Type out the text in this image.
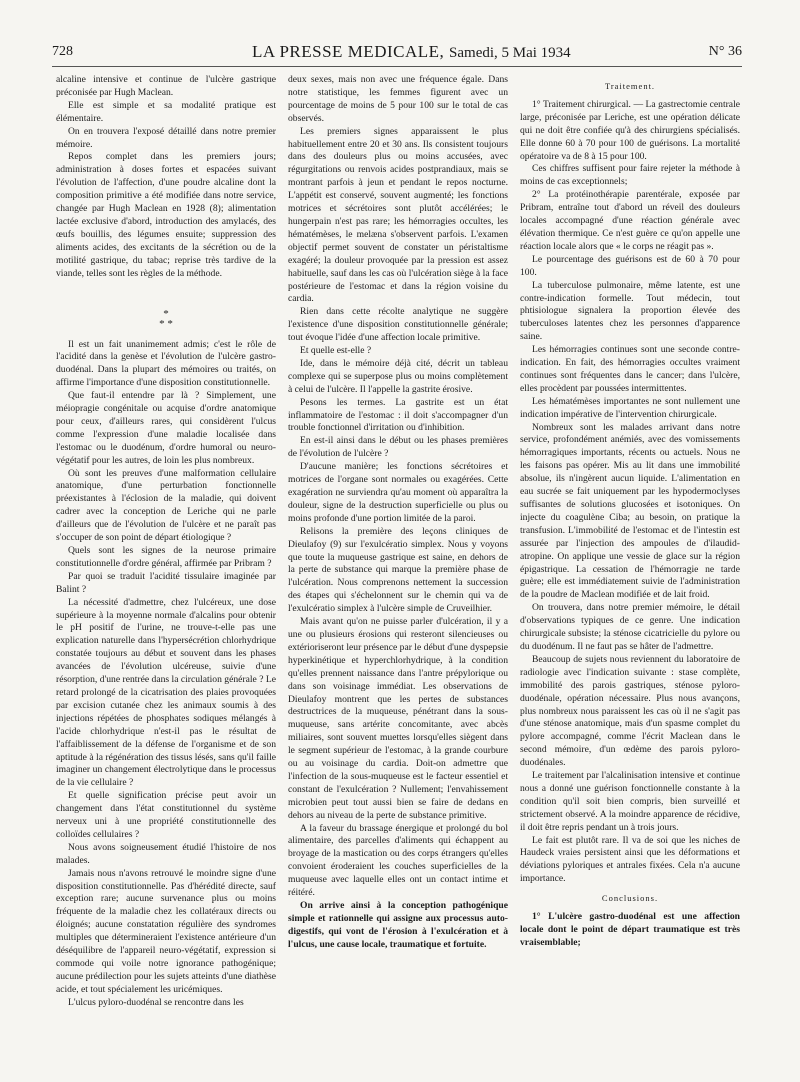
728	LA PRESSE MEDICALE, Samedi, 5 Mai 1934	N° 36

alcaline intensive et continue de l'ulcère gastrique préconisée par Hugh Maclean.

Elle est simple et sa modalité pratique est élémentaire.

On en trouvera l'exposé détaillé dans notre premier mémoire.

Repos complet dans les premiers jours; administration à doses fortes et espacées suivant l'évolution de l'affection, d'une poudre alcaline dont la composition primitive a été modifiée dans notre service, changée par Hugh Maclean en 1928 (8); alimentation lactée exclusive d'abord, introduction des amylacés, des œufs bouillis, des légumes ensuite; suppression des aliments acides, des excitants de la sécrétion ou de la motilité gastrique, du tabac; reprise très tardive de la viande, telles sont les règles de la méthode.

*
* *

Il est un fait unanimement admis; c'est le rôle de l'acidité dans la genèse et l'évolution de l'ulcère gastro-duodénal. Dans la plupart des mémoires ou traités, on affirme l'importance d'une disposition constitutionnelle.

Que faut-il entendre par là ? Simplement, une méiopragie congénitale ou acquise d'ordre anatomique pour ceux, d'ailleurs rares, qui considèrent l'ulcus comme l'expression d'une maladie localisée dans l'estomac ou le duodénum, d'ordre humoral ou neuro-végétatif pour les autres, de loin les plus nombreux.

Où sont les preuves d'une malformation cellulaire anatomique, d'une perturbation fonctionnelle préexistantes à l'éclosion de la maladie, qui doivent cadrer avec la conception de Leriche qui ne parle d'ailleurs que de l'évolution de l'ulcère et ne paraît pas s'occuper de son point de départ étiologique ?

Quels sont les signes de la neurose primaire constitutionnelle d'ordre général, affirmée par Pribram ?

Par quoi se traduit l'acidité tissulaire imaginée par Balint ?

La nécessité d'admettre, chez l'ulcéreux, une dose supérieure à la moyenne normale d'alcalins pour obtenir le pH positif de l'urine, ne trouve-t-elle pas une explication naturelle dans l'hypersécrétion chlorhydrique constatée toujours au début et souvent dans les phases avancées de l'évolution ulcéreuse, suivie d'une résorption, d'une rentrée dans la circulation générale ? Le retard prolongé de la cicatrisation des plaies provoquées par excision cutanée chez les animaux soumis à des injections répétées de phosphates sodiques mélangés à l'acide chlorhydrique n'est-il pas le résultat de l'affaiblissement de la défense de l'organisme et de son aptitude à la régénération des tissus lésés, sans qu'il faille imaginer un changement électrolytique dans le processus de la vie cellulaire ?

Et quelle signification précise peut avoir un changement dans l'état constitutionnel du système nerveux uni à une propriété constitutionnelle des colloïdes cellulaires ?

Nous avons soigneusement étudié l'histoire de nos malades.

Jamais nous n'avons retrouvé le moindre signe d'une disposition constitutionnelle. Pas d'hérédité directe, sauf exception rare; aucune survenance plus ou moins fréquente de la maladie chez les collatéraux directs ou éloignés; aucune constatation régulière des syndromes multiples que détermineraient l'existence antérieure d'un déséquilibre de l'appareil neuro-végétatif, expression si commode qui voile notre ignorance pathogénique; aucune prédilection pour les sujets atteints d'une diathèse acide, et tout spécialement les uricémiques.

L'ulcus pyloro-duodénal se rencontre dans les

deux sexes, mais non avec une fréquence égale. Dans notre statistique, les femmes figurent avec un pourcentage de moins de 5 pour 100 sur le total de cas observés.

Les premiers signes apparaissent le plus habituellement entre 20 et 30 ans. Ils consistent toujours dans des douleurs plus ou moins accusées, avec régurgitations ou renvois acides postprandiaux, mais se montrant parfois à jeun et pendant le repos nocturne. L'appétit est conservé, souvent augmenté; les fonctions motrices et sécrétoires sont plutôt accélérées; le hungerpain n'est pas rare; les hémorragies occultes, les hématémèses, le melæna s'observent parfois. L'examen objectif permet souvent de constater un péristaltisme exagéré; la douleur provoquée par la pression est assez habituelle, sauf dans les cas où l'ulcération siège à la face postérieure de l'estomac et dans la région voisine du cardia.

Rien dans cette récolte analytique ne suggère l'existence d'une disposition constitutionnelle générale; tout évoque l'idée d'une affection locale primitive.

Et quelle est-elle ?

Ide, dans le mémoire déjà cité, décrit un tableau complexe qui se superpose plus ou moins complètement à celui de l'ulcère. Il l'appelle la gastrite érosive.

Pesons les termes. La gastrite est un état inflammatoire de l'estomac : il doit s'accompagner d'un trouble fonctionnel d'irritation ou d'inhibition.

En est-il ainsi dans le début ou les phases premières de l'évolution de l'ulcère ?

D'aucune manière; les fonctions sécrétoires et motrices de l'organe sont normales ou exagérées. Cette exagération ne surviendra qu'au moment où apparaîtra la douleur, signe de la destruction superficielle ou plus ou moins profonde d'une portion limitée de la paroi.

Relisons la première des leçons cliniques de Dieulafoy (9) sur l'exulcératio simplex. Nous y voyons que toute la muqueuse gastrique est saine, en dehors de la perte de substance qui marque la première phase de l'ulcération. Nous comprenons nettement la succession des étapes qui s'échelonnent sur le chemin qui va de l'exulcératio simplex à l'ulcère simple de Cruveilhier.

Mais avant qu'on ne puisse parler d'ulcération, il y a une ou plusieurs érosions qui resteront silencieuses ou extérioriseront leur présence par le début d'une dyspepsie hyperkinétique et hyperchlorhydrique, à la condition qu'elles prennent naissance dans l'antre prépylorique ou dans son voisinage immédiat. Les observations de Dieulafoy montrent que les pertes de substances destructrices de la muqueuse, pénétrant dans la sous-muqueuse, sans artérite concomitante, avec abcès miliaires, sont souvent muettes lorsqu'elles siègent dans le segment supérieur de l'estomac, à la grande courbure ou au voisinage du cardia. Doit-on admettre que l'infection de la sous-muqueuse est le facteur essentiel et constant de l'exulcération ? Nullement; l'envahissement microbien peut tout aussi bien se faire de dedans en dehors au niveau de la perte de substance primitive.

A la faveur du brassage énergique et prolongé du bol alimentaire, des parcelles d'aliments qui échappent au broyage de la mastication ou des corps étrangers qu'elles convoient éroderaient les couches superficielles de la muqueuse avec laquelle elles ont un contact intime et réitéré.

On arrive ainsi à la conception pathogénique simple et rationnelle qui assigne aux processus auto-digestifs, qui vont de l'érosion à l'exulcération et à l'ulcus, une cause locale, traumatique et fortuite.

Traitement.

1° Traitement chirurgical. — La gastrectomie centrale large, préconisée par Leriche, est une opération délicate qui ne doit être confiée qu'à des chirurgiens spécialisés. Elle donne 60 à 70 pour 100 de guérisons. La mortalité opératoire va de 8 à 15 pour 100.

Ces chiffres suffisent pour faire rejeter la méthode à moins de cas exceptionnels;

2° La protéinothérapie parentérale, exposée par Pribram, entraîne tout d'abord un réveil des douleurs locales accompagné d'une réaction générale avec élévation thermique. Ce n'est guère ce qu'on appelle une réaction locale alors que « le corps ne réagit pas ».

Le pourcentage des guérisons est de 60 à 70 pour 100.

La tuberculose pulmonaire, même latente, est une contre-indication formelle. Tout médecin, tout phtisiologue signalera la proportion élevée des tuberculoses latentes chez les personnes d'apparence saine.

Les hémorragies continues sont une seconde contre-indication. En fait, des hémorragies occultes vraiment continues sont fréquentes dans le cancer; dans l'ulcère, elles procèdent par poussées intermittentes.

Les hématémèses importantes ne sont nullement une indication impérative de l'intervention chirurgicale.

Nombreux sont les malades arrivant dans notre service, profondément anémiés, avec des vomissements hémorragiques importants, récents ou actuels. Nous ne les faisons pas opérer. Mis au lit dans une immobilité absolue, ils n'ingèrent aucun liquide. L'alimentation en eau sucrée se fait uniquement par les hypodermoclyses suffisantes de solutions glucosées et isotoniques. On injecte du coagulène Ciba; au besoin, on pratique la transfusion. L'immobilité de l'estomac et de l'intestin est assurée par l'injection des ampoules de d'ilaudid-atropine. On applique une vessie de glace sur la région épigastrique. La cessation de l'hémorragie ne tarde guère; elle est immédiatement suivie de l'administration de la poudre de Maclean modifiée et de lait froid.

On trouvera, dans notre premier mémoire, le détail d'observations typiques de ce genre. Une indication chirurgicale subsiste; la sténose cicatricielle du pylore ou du duodénum. Il ne faut pas se hâter de l'admettre.

Beaucoup de sujets nous reviennent du laboratoire de radiologie avec l'indication suivante : stase complète, immobilité des parois gastriques, sténose pyloro-duodénale, opération nécessaire. Plus nous avançons, plus nombreux nous paraissent les cas où il ne s'agit pas d'une sténose anatomique, mais d'un spasme complet du pylore accompagné, comme l'écrit Maclean dans le second mémoire, d'un œdème des parois pyloro-duodénales.

Le traitement par l'alcalinisation intensive et continue nous a donné une guérison fonctionnelle constante à la condition qu'il soit bien compris, bien surveillé et strictement observé. A la moindre apparence de récidive, il doit être repris pendant un à trois jours.

Le fait est plutôt rare. Il va de soi que les niches de Haudeck vraies persistent ainsi que les déformations et déviations pyloriques et antrales fixées. Cela n'a aucune importance.

Conclusions.

1° L'ulcère gastro-duodénal est une affection locale dont le point de départ traumatique est très vraisemblable;
